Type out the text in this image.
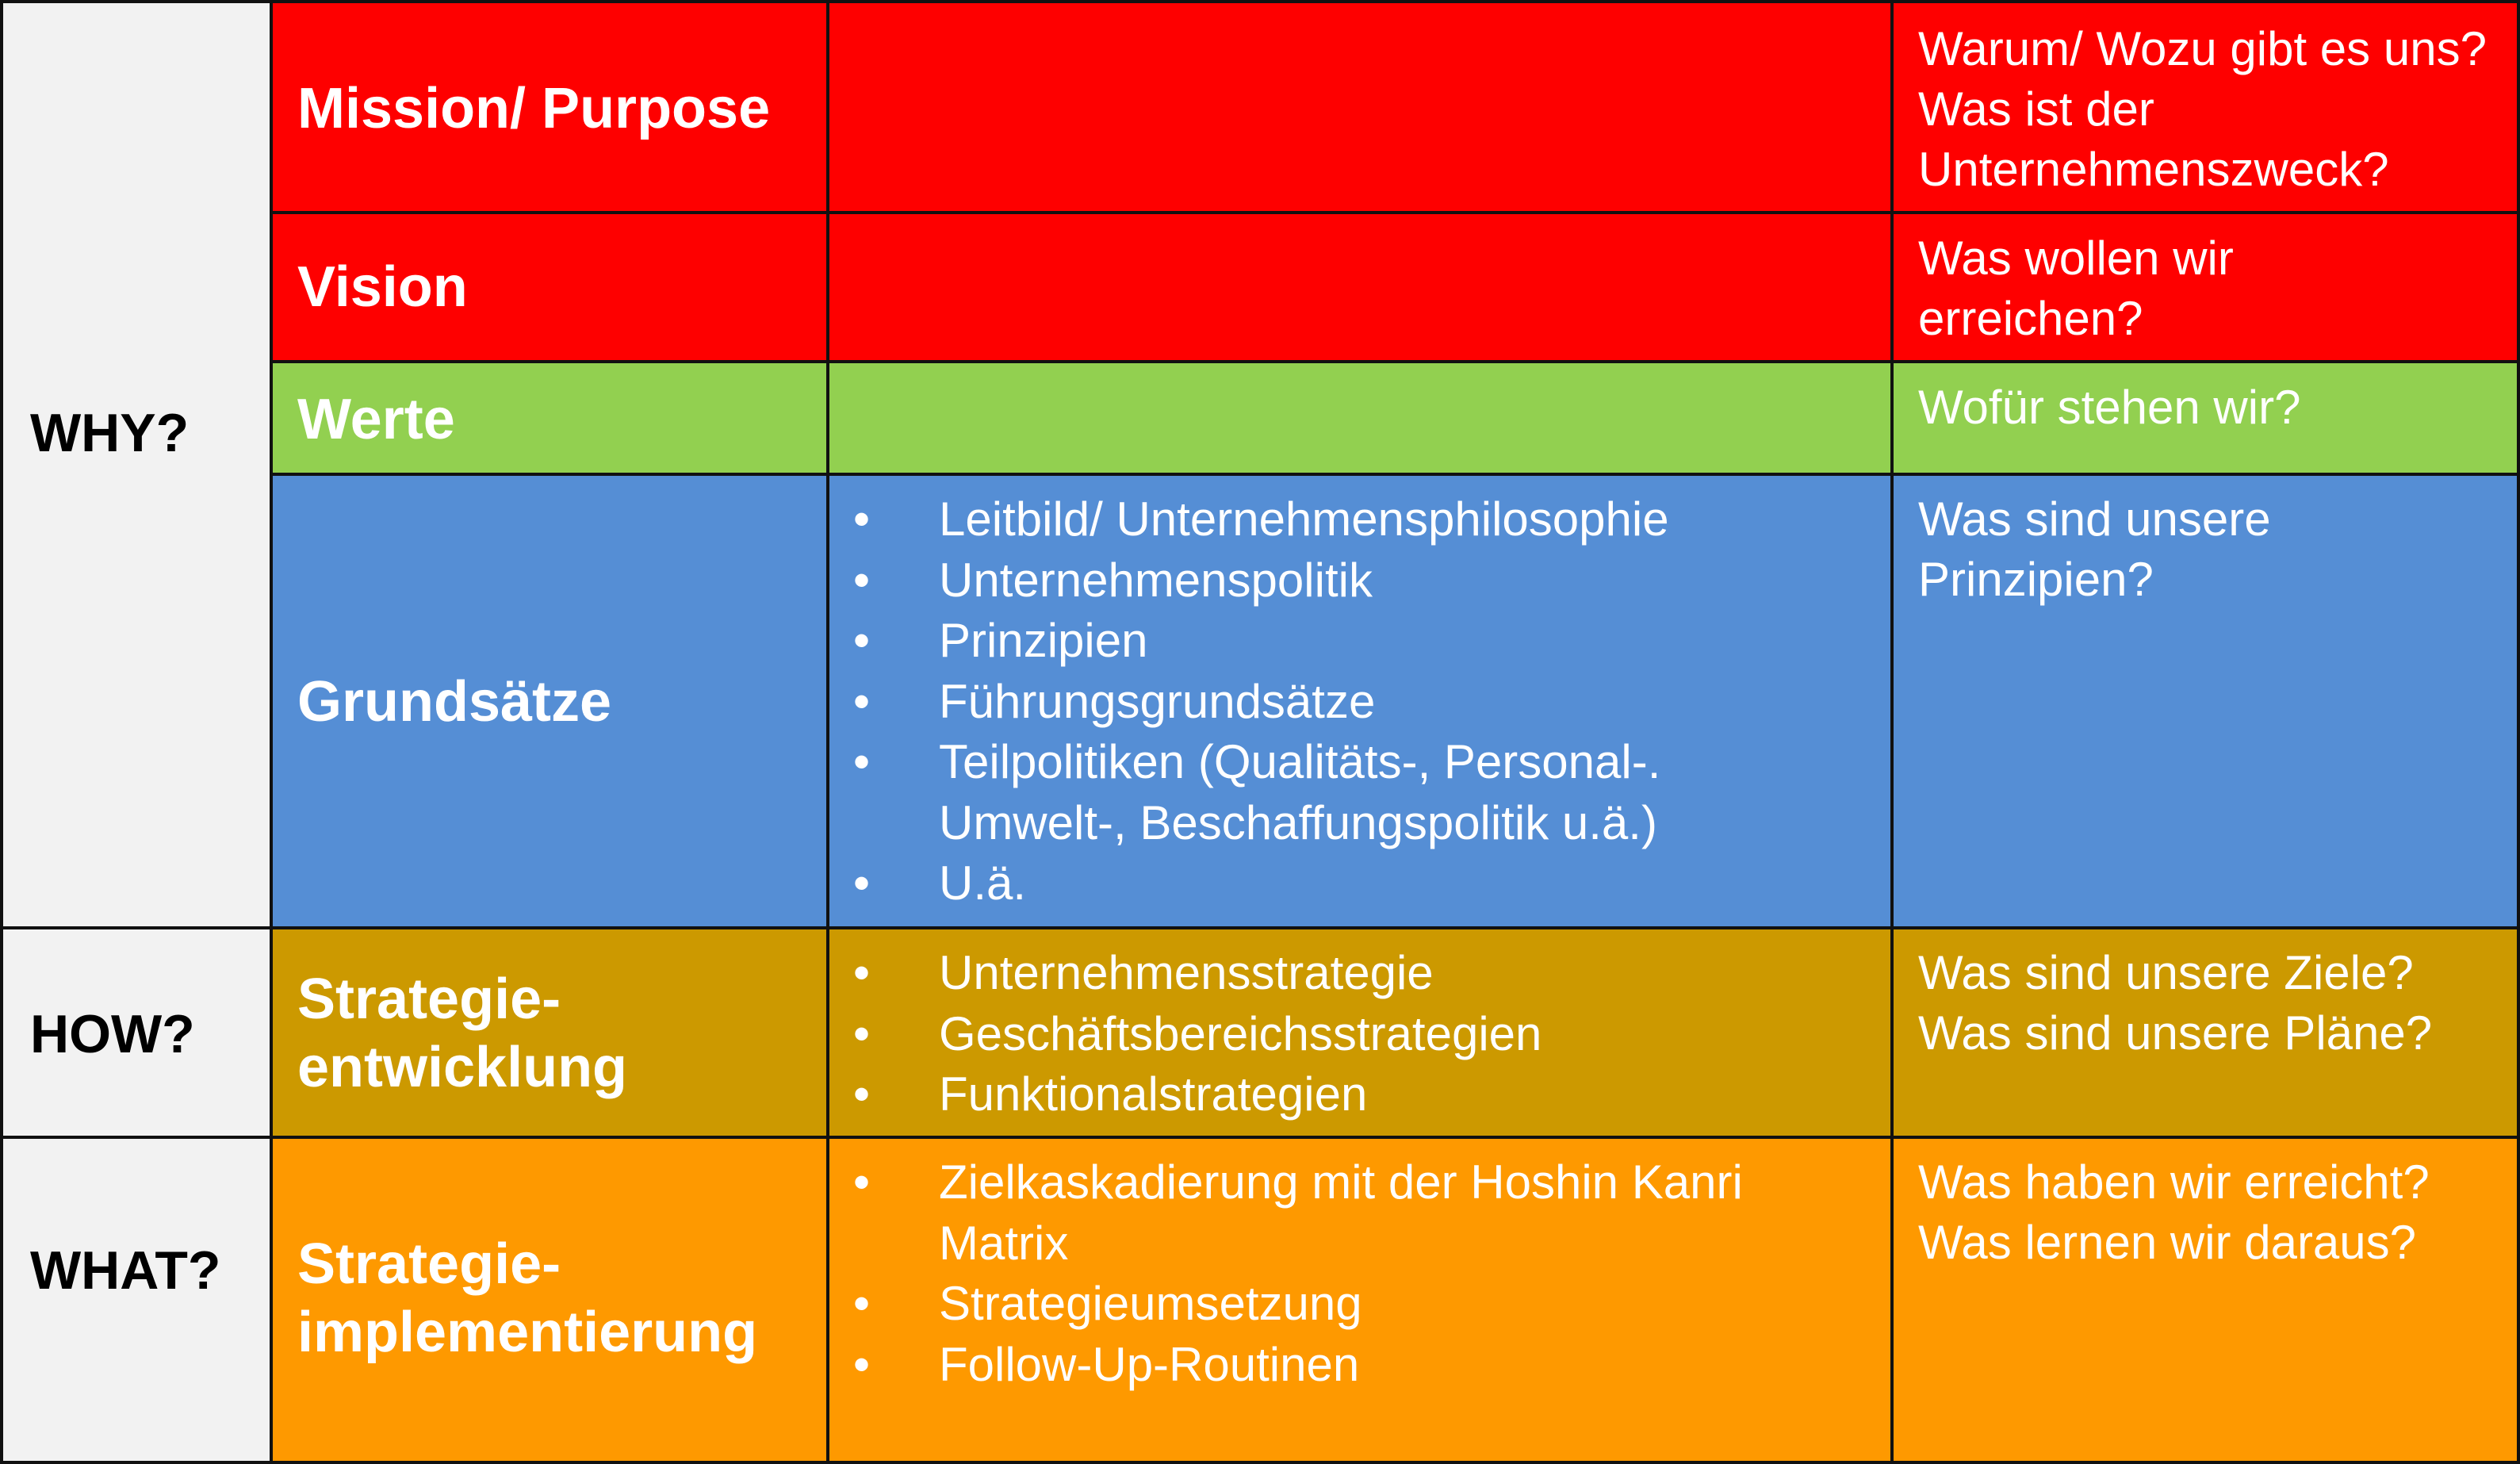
WHY?
HOW?
WHAT?
Mission/ Purpose
Warum/ Wozu gibt es uns? Was ist der Unternehmenszweck?
Vision	Was wollen wir erreichen?
Werte	Wofür stehen wir?
Grundsätze
• Leitbild/ Unternehmensphilosophie
• Unternehmenspolitik
• Prinzipien
• Führungsgrundsätze
• Teilpolitiken (Qualitäts-, Personal-. Umwelt-, Beschaffungspolitik u.ä.)
• U.ä.
Was sind unsere Prinzipien?
Strategie-
entwicklung
• Unternehmensstrategie
• Geschäftsbereichsstrategien
• Funktionalstrategien
Was sind unsere Ziele?
Was sind unsere Pläne?
Strategie-
implementierung
• Zielkaskadierung mit der Hoshin Kanri Matrix
• Strategieumsetzung
• Follow-Up-Routinen
Was haben wir erreicht?
Was lernen wir daraus?
